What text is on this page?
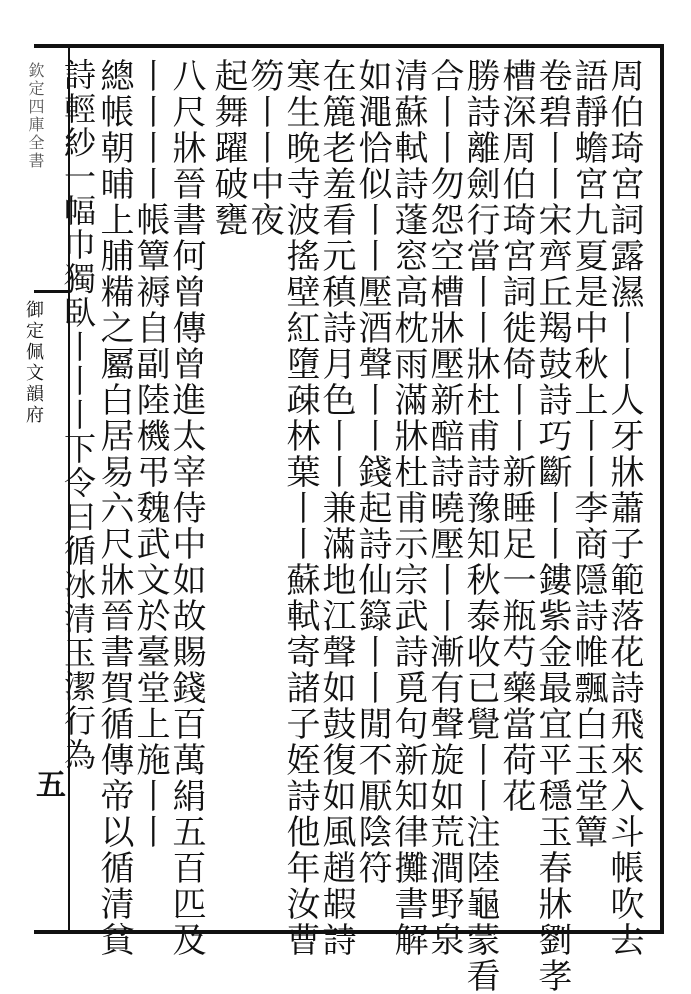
欽定四庫全書
御定佩文韻府
五	周伯琦宮詞露濕丨丨人牙牀蕭子範落花詩飛來入斗帳吹去
語靜蟾宮九夏是中秋上丨丨李商隱詩帷飄白玉堂簟
卷碧丨丨宋齊丘羯鼓詩巧斷丨丨鏤紫金最宜平穩玉春牀劉孝
槽深周伯琦宮詞徙倚丨丨新睡足一瓶芍藥當荷花
勝詩離劍行當丨丨牀杜甫詩豫知秋泰收已覺丨丨注陸龜蒙看
合丨丨勿怨空槽牀壓新醅詩曉壓丨丨漸有聲旋如荒澗野泉
清蘇軾詩蓬窓高枕雨滿牀杜甫示宗武詩覓句新知律攤書解
如澠恰似丨丨壓酒聲丨丨錢起詩仙籙丨丨閒不厭陰符
在簏老羞看元稹詩月色丨丨兼滿地江聲如鼓復如風趙嘏詩
寒生晚寺波搖壁紅墮疎林葉丨丨蘇軾寄諸子姪詩他年汝曹
笏丨丨中夜
起舞躍破甕
八尺牀晉書何曾傳曾進太宰侍中如故賜錢百萬絹五百匹及
丨丨丨丨帳簟褥自副陸機弔魏武文於臺堂上施丨丨
總帳朝晡上脯糒之屬白居易六尺牀晉書賀循傳帝以循清貧
詩輕紗一幅巾獨臥丨丨丨下令曰循冰清玉潔行為
